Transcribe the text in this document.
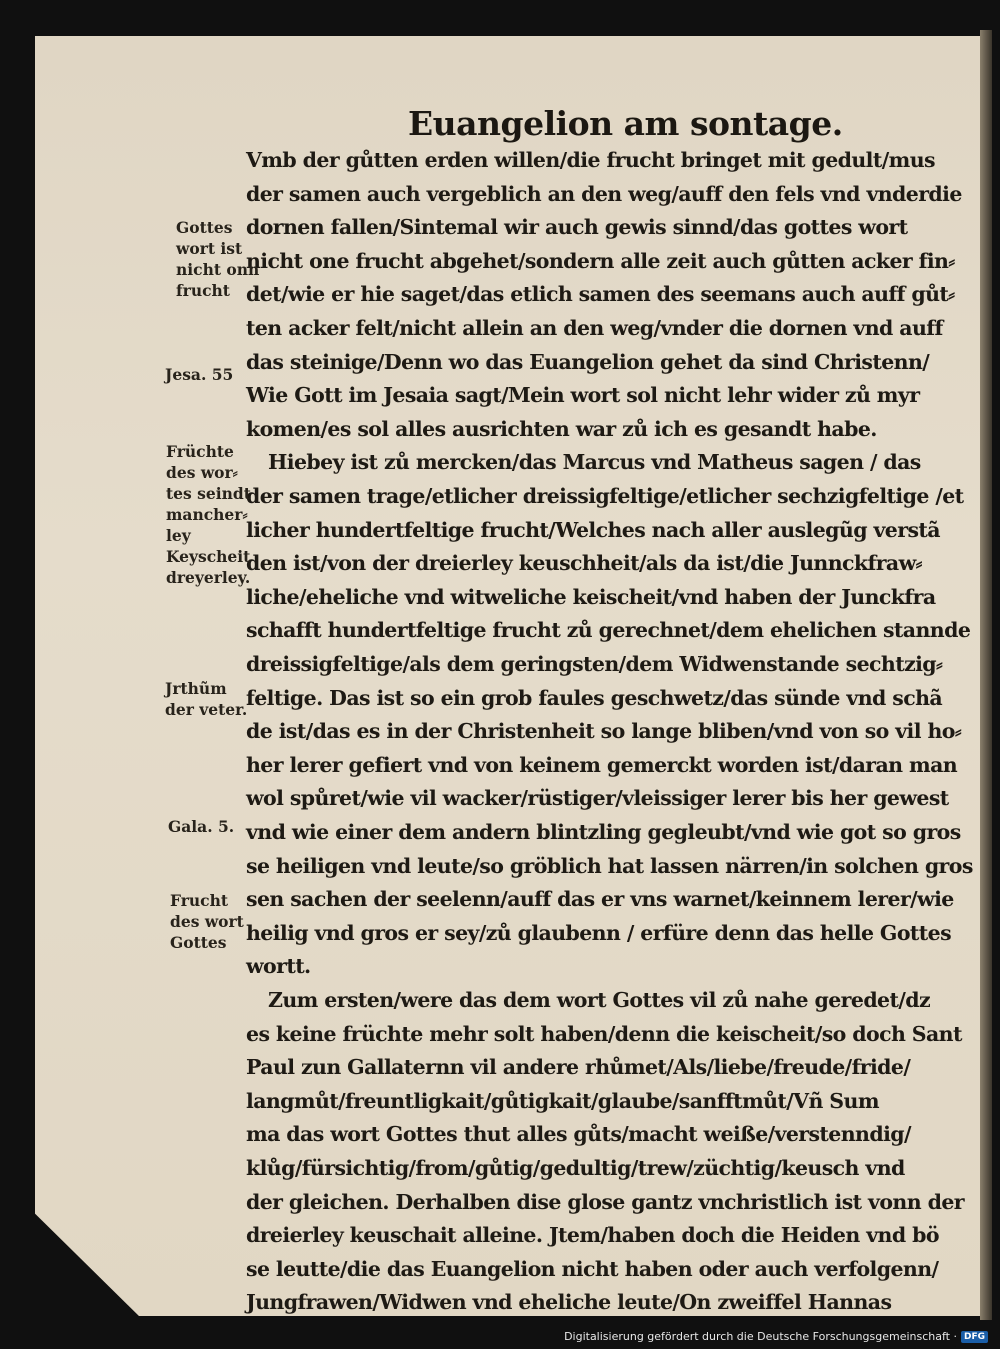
Euangelion am sontage.
Vmb der gůtten erden willen/die frucht bringet mit gedult/mus
der samen auch vergeblich an den weg/auff den fels vnd vnderdie
dornen fallen/Sintemal wir auch gewis sinnd/das gottes wort
nicht one frucht abgehet/sondern alle zeit auch gůtten acker fin⸗
det/wie er hie saget/das etlich samen des seemans auch auff gůt⸗
ten acker felt/nicht allein an den weg/vnder die dornen vnd auff
das steinige/Denn wo das Euangelion gehet da sind Christenn/
Wie Gott im Jesaia sagt/Mein wort sol nicht lehr wider zů myr
komen/es sol alles ausrichten war zů ich es gesandt habe.
Hiebey ist zů mercken/das Marcus vnd Matheus sagen / das
der samen trage/etlicher dreissigfeltige/etlicher sechzigfeltige /et
licher hundertfeltige frucht/Welches nach aller auslegũg verstã
den ist/von der dreierley keuschheit/als da ist/die Junnckfraw⸗
liche/eheliche vnd witweliche keischeit/vnd haben der Junckfra
schafft hundertfeltige frucht zů gerechnet/dem ehelichen stannde
dreissigfeltige/als dem geringsten/dem Widwenstande sechtzig⸗
feltige. Das ist so ein grob faules geschwetz/das sünde vnd schã
de ist/das es in der Christenheit so lange bliben/vnd von so vil ho⸗
her lerer gefiert vnd von keinem gemerckt worden ist/daran man
wol spůret/wie vil wacker/rüstiger/vleissiger lerer bis her gewest
vnd wie einer dem andern blintzling gegleubt/vnd wie got so gros
se heiligen vnd leute/so gröblich hat lassen närren/in solchen gros
sen sachen der seelenn/auff das er vns warnet/keinnem lerer/wie
heilig vnd gros er sey/zů glaubenn / erfüre denn das helle Gottes
wortt.
Zum ersten/were das dem wort Gottes vil zů nahe geredet/dz
es keine früchte mehr solt haben/denn die keischeit/so doch Sant
Paul zun Gallaternn vil andere rhůmet/Als/liebe/freude/fride/
langmůt/freuntligkait/gůtigkait/glaube/sanfftmůt/Vñ Sum
ma das wort Gottes thut alles gůts/macht weiße/verstenndig/
klůg/fürsichtig/from/gůtig/gedultig/trew/züchtig/keusch vnd
der gleichen. Derhalben dise glose gantz vnchristlich ist vonn der
dreierley keuschait alleine. Jtem/haben doch die Heiden vnd bö
se leutte/die das Euangelion nicht haben oder auch verfolgenn/
Jungfrawen/Widwen vnd eheliche leute/On zweiffel Hannas
Gottes
wort ist
nicht onn
frucht
Jesa. 55
Früchte
des wor⸗
tes seindt
mancher⸗
ley
Keyscheit
dreyerley.
Jrthũm
der veter.
Gala. 5.
Frucht
des wort
Gottes
Digitalisierung gefördert durch die Deutsche Forschungsgemeinschaft · DFG
